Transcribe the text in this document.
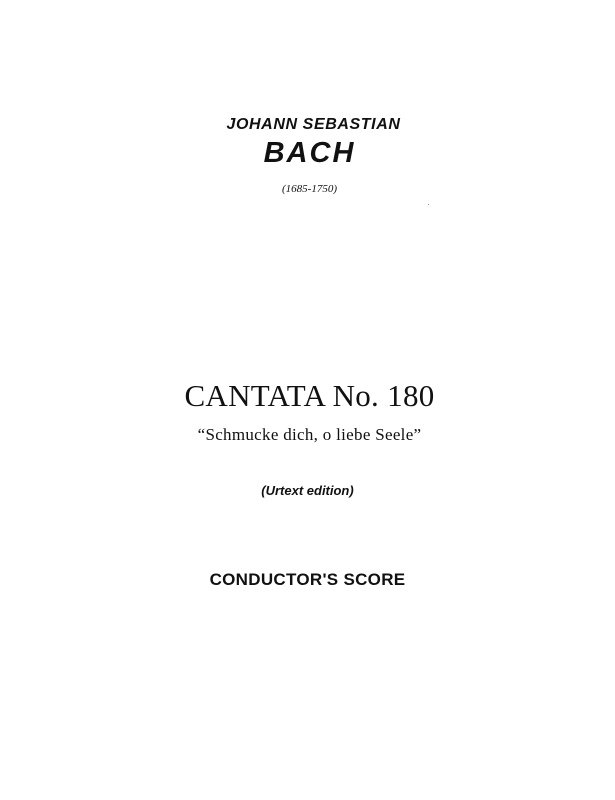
JOHANN SEBASTIAN
BACH
(1685-1750)
CANTATA No. 180
“Schmucke dich, o liebe Seele”
(Urtext edition)
CONDUCTOR'S SCORE
